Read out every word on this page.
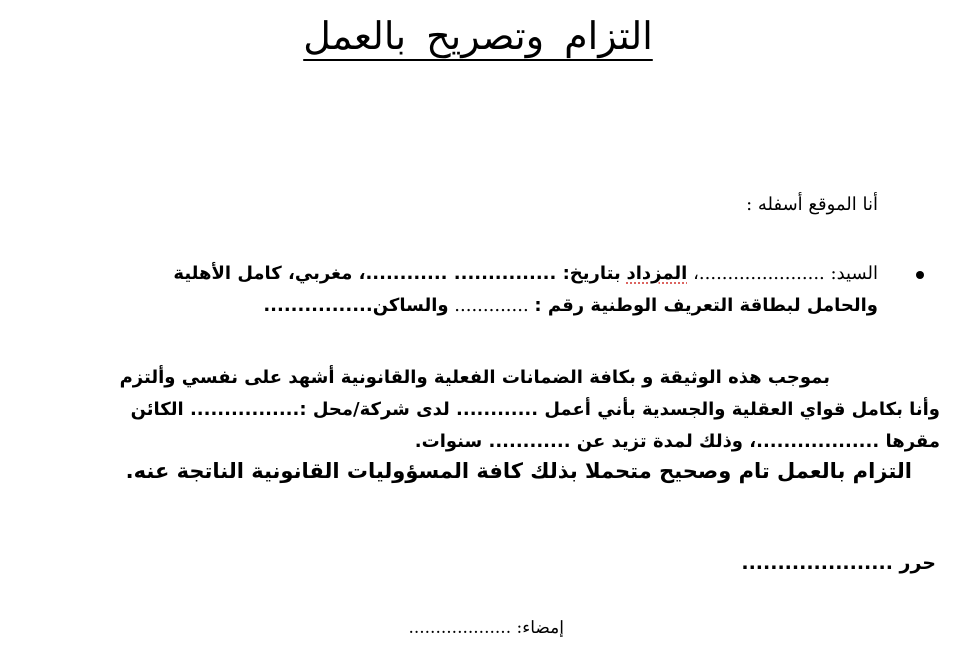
التزام وتصريح بالعمل
أنا الموقع أسفله :
السيد: ......................، المزداد بتاريخ: ............... ............، مغربي، كامل الأهلية
والحامل لبطاقة التعريف الوطنية رقم : ............. والساكن................
بموجب هذه الوثيقة و بكافة الضمانات الفعلية والقانونية أشهد على نفسي وألتزم
وأنا بكامل قواي العقلية والجسدية بأني أعمل ............ لدى شركة/محل :................ الكائن
مقرها ..................، وذلك لمدة تزيد عن ............ سنوات.
التزام بالعمل تام وصحيح متحملا بذلك كافة المسؤوليات القانونية الناتجة عنه.
حرر .....................
إمضاء: ...................
